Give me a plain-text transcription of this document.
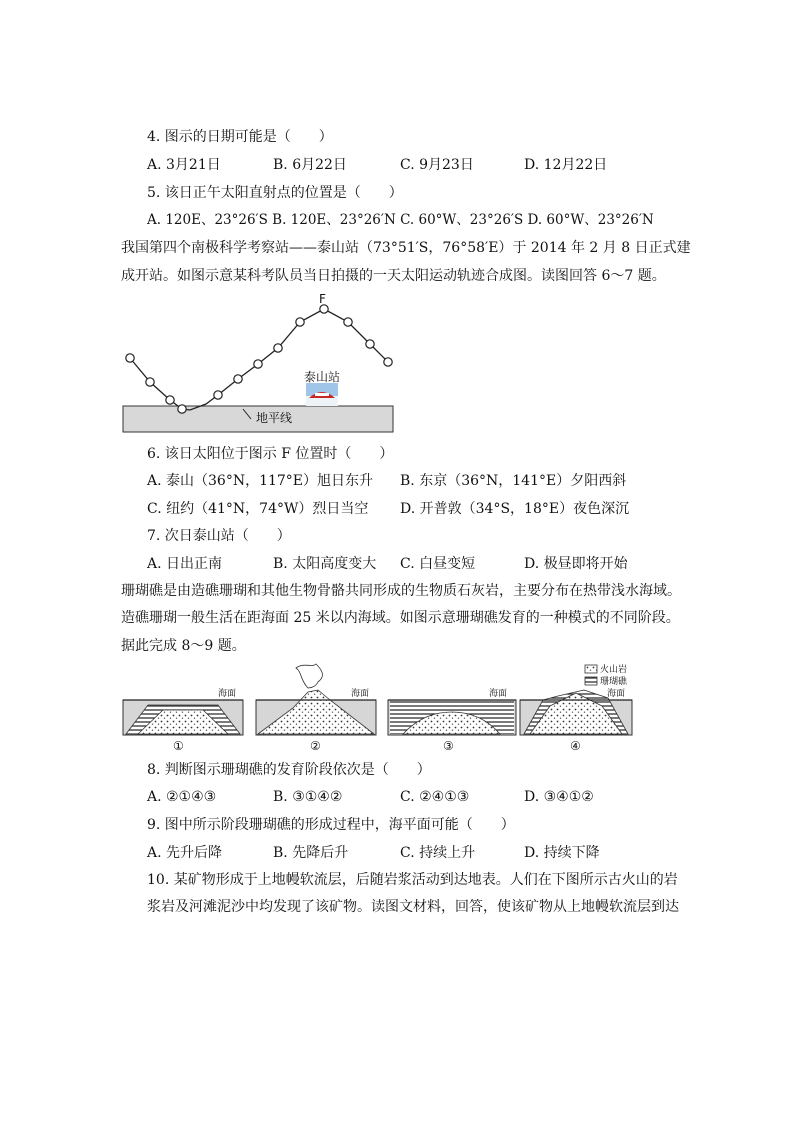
4. 图示的日期可能是（　　）
A. 3月21日	B. 6月22日	C. 9月23日	D. 12月22日
5. 该日正午太阳直射点的位置是（　　）
A. 120E、23°26′S B. 120E、23°26′N C. 60°W、23°26′S D. 60°W、23°26′N
我国第四个南极科学考察站——泰山站（73°51′S，76°58′E）于 2014 年 2 月 8 日正式建
成开站。如图示意某科考队员当日拍摄的一天太阳运动轨迹合成图。读图回答 6～7 题。
F
泰山站
地平线
6. 该日太阳位于图示 F 位置时（　　）
A. 泰山（36°N，117°E）旭日东升 B. 东京（36°N，141°E）夕阳西斜
C. 纽约（41°N，74°W）烈日当空 D. 开普敦（34°S，18°E）夜色深沉
7. 次日泰山站（　　）
A. 日出正南	B. 太阳高度变大 C. 白昼变短	D. 极昼即将开始
珊瑚礁是由造礁珊瑚和其他生物骨骼共同形成的生物质石灰岩，主要分布在热带浅水海域。
造礁珊瑚一般生活在距海面 25 米以内海域。如图示意珊瑚礁发育的一种模式的不同阶段。
据此完成 8～9 题。
海面
①
海面
②
海面
③
海面
④
火山岩
珊瑚礁
8. 判断图示珊瑚礁的发育阶段依次是（　　）
A. ②①④③	B. ③①④②	C. ②④①③	D. ③④①②
9. 图中所示阶段珊瑚礁的形成过程中，海平面可能（　　）
A. 先升后降	B. 先降后升	C. 持续上升	D. 持续下降
10. 某矿物形成于上地幔软流层，后随岩浆活动到达地表。人们在下图所示古火山的岩
浆岩及河滩泥沙中均发现了该矿物。读图文材料，回答，使该矿物从上地幔软流层到达
